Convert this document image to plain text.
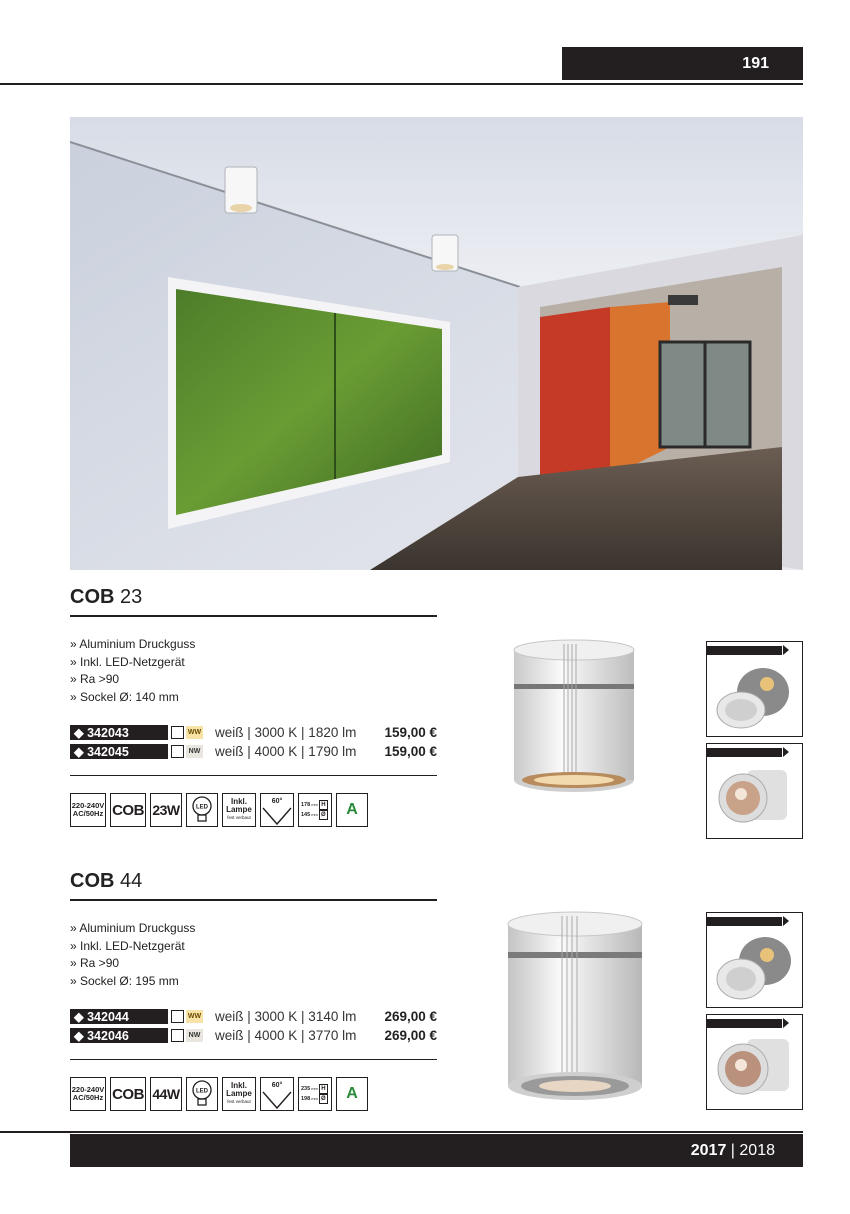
191
COB 23
» Aluminium Druckguss
» Inkl. LED-Netzgerät
» Ra >90
» Sockel Ø: 140 mm
◆ 342043	WW weiß | 3000 K | 1820 lm	159,00 €
◆ 342045	NW weiß | 4000 K | 1790 lm	159,00 €
220-240V
AC/50Hz COB 23W	LED
Inkl.
Lampe
fest verbaut
60°	178 mm H
145 mm Ø	A
COB 44
» Aluminium Druckguss
» Inkl. LED-Netzgerät
» Ra >90
» Sockel Ø: 195 mm
◆ 342044	WW weiß | 3000 K | 3140 lm	269,00 €
◆ 342046	NW weiß | 4000 K | 3770 lm	269,00 €
220-240V
AC/50Hz COB 44W	LED
Inkl.
Lampe
fest verbaut
60°	235 mm H
198 mm Ø	A
2017
|
2018
